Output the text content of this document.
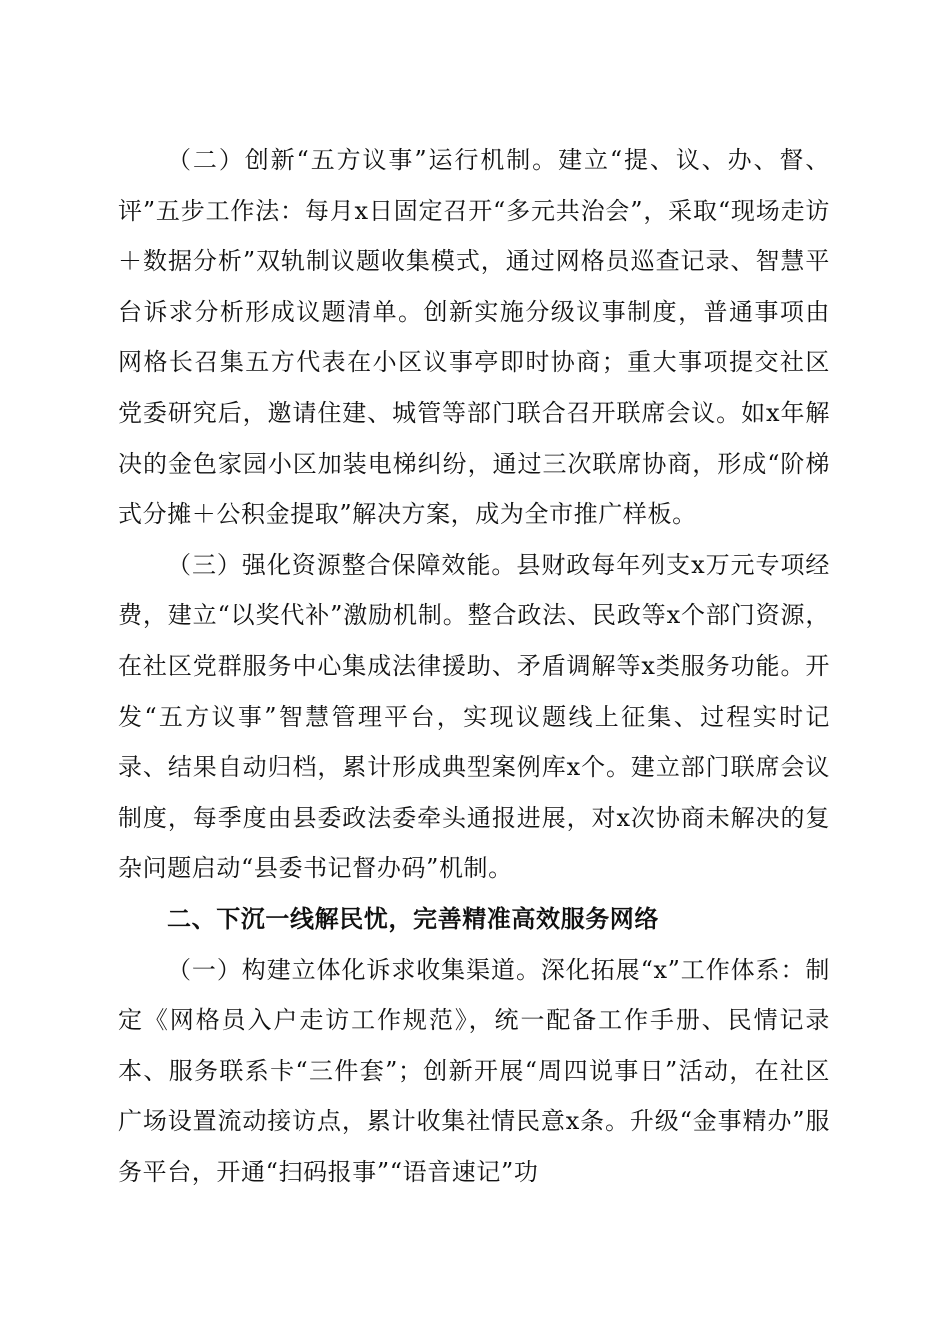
（二）创新“五方议事”运行机制。建立“提、议、办、督、评”五步工作法：每月x日固定召开“多元共治会”，采取“现场走访＋数据分析”双轨制议题收集模式，通过网格员巡查记录、智慧平台诉求分析形成议题清单。创新实施分级议事制度，普通事项由网格长召集五方代表在小区议事亭即时协商；重大事项提交社区党委研究后，邀请住建、城管等部门联合召开联席会议。如x年解决的金色家园小区加装电梯纠纷，通过三次联席协商，形成“阶梯式分摊＋公积金提取”解决方案，成为全市推广样板。

（三）强化资源整合保障效能。县财政每年列支x万元专项经费，建立“以奖代补”激励机制。整合政法、民政等x个部门资源，在社区党群服务中心集成法律援助、矛盾调解等x类服务功能。开发“五方议事”智慧管理平台，实现议题线上征集、过程实时记录、结果自动归档，累计形成典型案例库x个。建立部门联席会议制度，每季度由县委政法委牵头通报进展，对x次协商未解决的复杂问题启动“县委书记督办码”机制。

二、下沉一线解民忧，完善精准高效服务网络

（一）构建立体化诉求收集渠道。深化拓展“x”工作体系：制定《网格员入户走访工作规范》，统一配备工作手册、民情记录本、服务联系卡“三件套”；创新开展“周四说事日”活动，在社区广场设置流动接访点，累计收集社情民意x条。升级“金事精办”服务平台，开通“扫码报事”“语音速记”功
